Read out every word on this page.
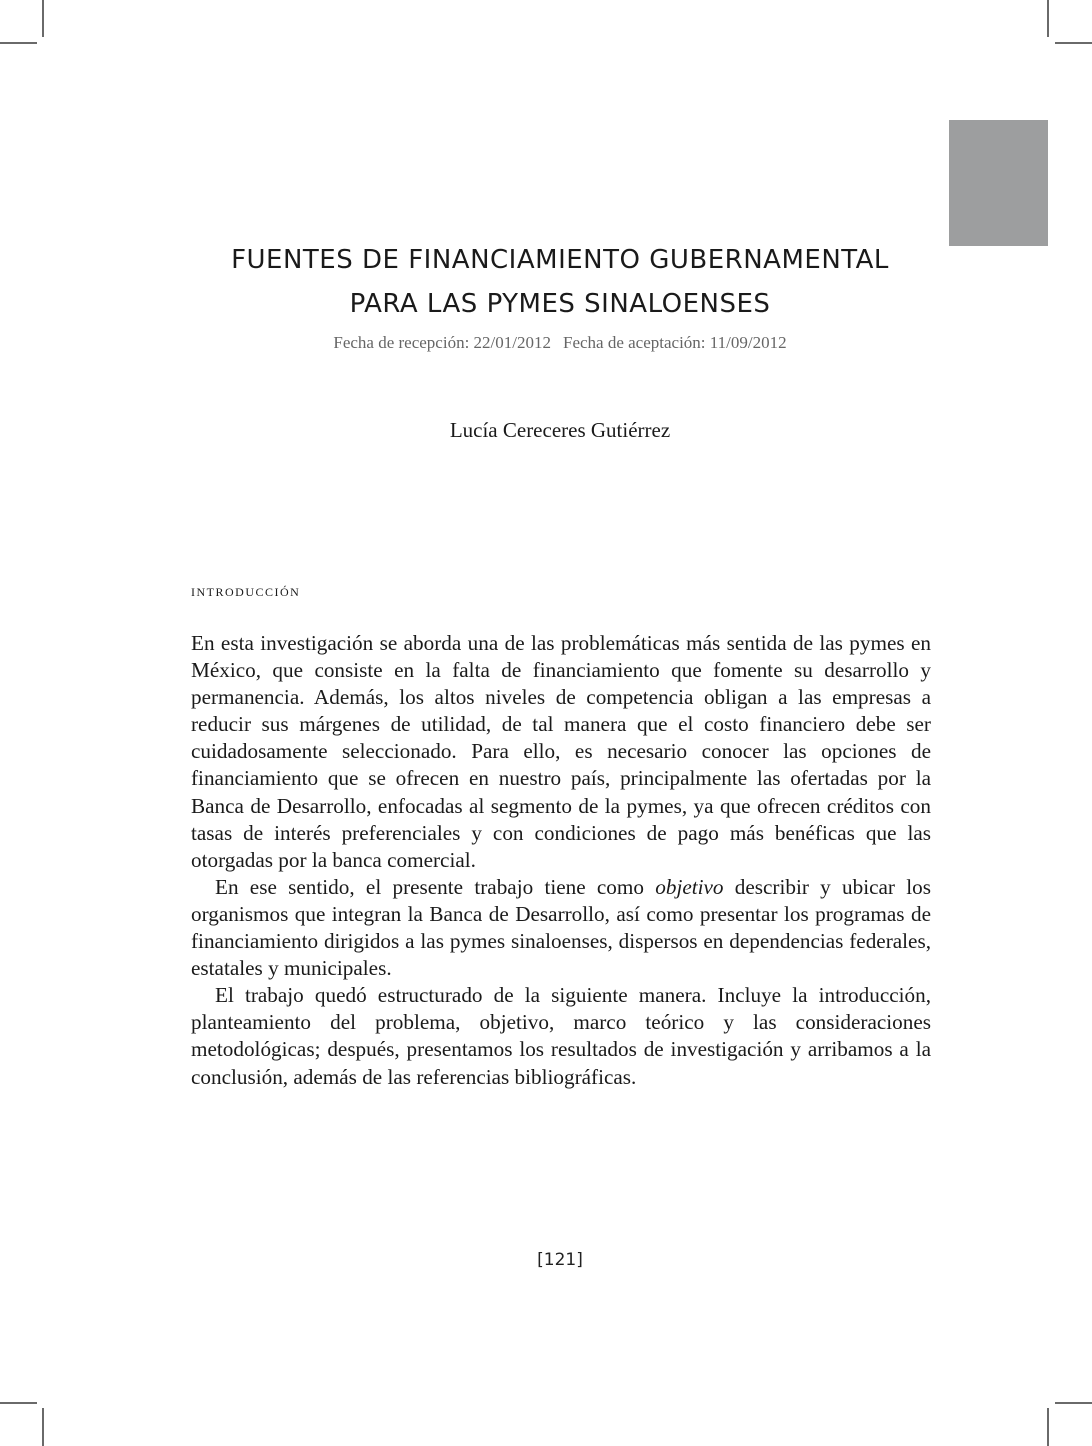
FUENTES DE FINANCIAMIENTO GUBERNAMENTAL
PARA LAS PYMES SINALOENSES
Fecha de recepción: 22/01/2012 Fecha de aceptación: 11/09/2012
Lucía Cereceres Gutiérrez
introducción

En esta investigación se aborda una de las problemáticas más sentida de las pymes en México, que consiste en la falta de financiamiento que fomente su desarrollo y permanencia. Además, los altos niveles de competencia obligan a las empresas a reducir sus márgenes de utilidad, de tal manera que el costo financiero debe ser cuidadosamente seleccionado. Para ello, es necesario conocer las opciones de financiamiento que se ofrecen en nuestro país, principalmente las ofertadas por la Banca de Desarrollo, enfocadas al segmento de la pymes, ya que ofrecen créditos con tasas de interés preferenciales y con condiciones de pago más benéficas que las otorgadas por la banca comercial.

En ese sentido, el presente trabajo tiene como objetivo describir y ubicar los organismos que integran la Banca de Desarrollo, así como presentar los programas de financiamiento dirigidos a las pymes sinaloenses, dispersos en dependencias federales, estatales y municipales.

El trabajo quedó estructurado de la siguiente manera. Incluye la introducción, planteamiento del problema, objetivo, marco teórico y las consideraciones metodológicas; después, presentamos los resultados de investigación y arribamos a la conclusión, además de las referencias bibliográficas.

[121]
